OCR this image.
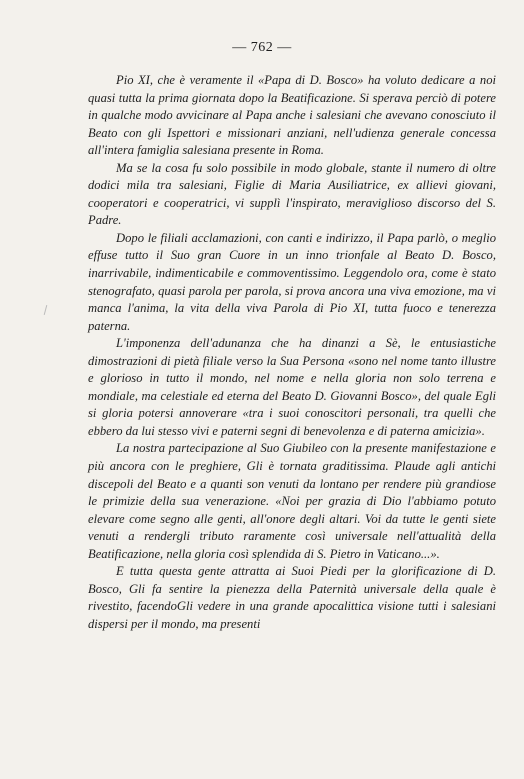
— 762 —

Pio XI, che è veramente il «Papa di D. Bosco» ha voluto dedicare a noi quasi tutta la prima giornata dopo la Beatificazione. Si sperava perciò di potere in qualche modo avvicinare al Papa anche i salesiani che avevano conosciuto il Beato con gli Ispettori e missionari anziani, nell'udienza generale concessa all'intera famiglia salesiana presente in Roma.

Ma se la cosa fu solo possibile in modo globale, stante il numero di oltre dodici mila tra salesiani, Figlie di Maria Ausiliatrice, ex allievi giovani, cooperatori e cooperatrici, vi supplì l'inspirato, meraviglioso discorso del S. Padre.

Dopo le filiali acclamazioni, con canti e indirizzo, il Papa parlò, o meglio effuse tutto il Suo gran Cuore in un inno trionfale al Beato D. Bosco, inarrivabile, indimenticabile e commoventissimo. Leggendolo ora, come è stato stenografato, quasi parola per parola, si prova ancora una viva emozione, ma vi manca l'anima, la vita della viva Parola di Pio XI, tutta fuoco e tenerezza paterna.

L'imponenza dell'adunanza che ha dinanzi a Sè, le entusiastiche dimostrazioni di pietà filiale verso la Sua Persona «sono nel nome tanto illustre e glorioso in tutto il mondo, nel nome e nella gloria non solo terrena e mondiale, ma celestiale ed eterna del Beato D. Giovanni Bosco», del quale Egli si gloria potersi annoverare «tra i suoi conoscitori personali, tra quelli che ebbero da lui stesso vivi e paterni segni di benevolenza e di paterna amicizia».

La nostra partecipazione al Suo Giubileo con la presente manifestazione e più ancora con le preghiere, Gli è tornata graditissima. Plaude agli antichi discepoli del Beato e a quanti son venuti da lontano per rendere più grandiose le primizie della sua venerazione. «Noi per grazia di Dio l'abbiamo potuto elevare come segno alle genti, all'onore degli altari. Voi da tutte le genti siete venuti a rendergli tributo raramente così universale nell'attualità della Beatificazione, nella gloria così splendida di S. Pietro in Vaticano...».

E tutta questa gente attratta ai Suoi Piedi per la glorificazione di D. Bosco, Gli fa sentire la pienezza della Paternità universale della quale è rivestito, facendoGli vedere in una grande apocalittica visione tutti i salesiani dispersi per il mondo, ma presenti
